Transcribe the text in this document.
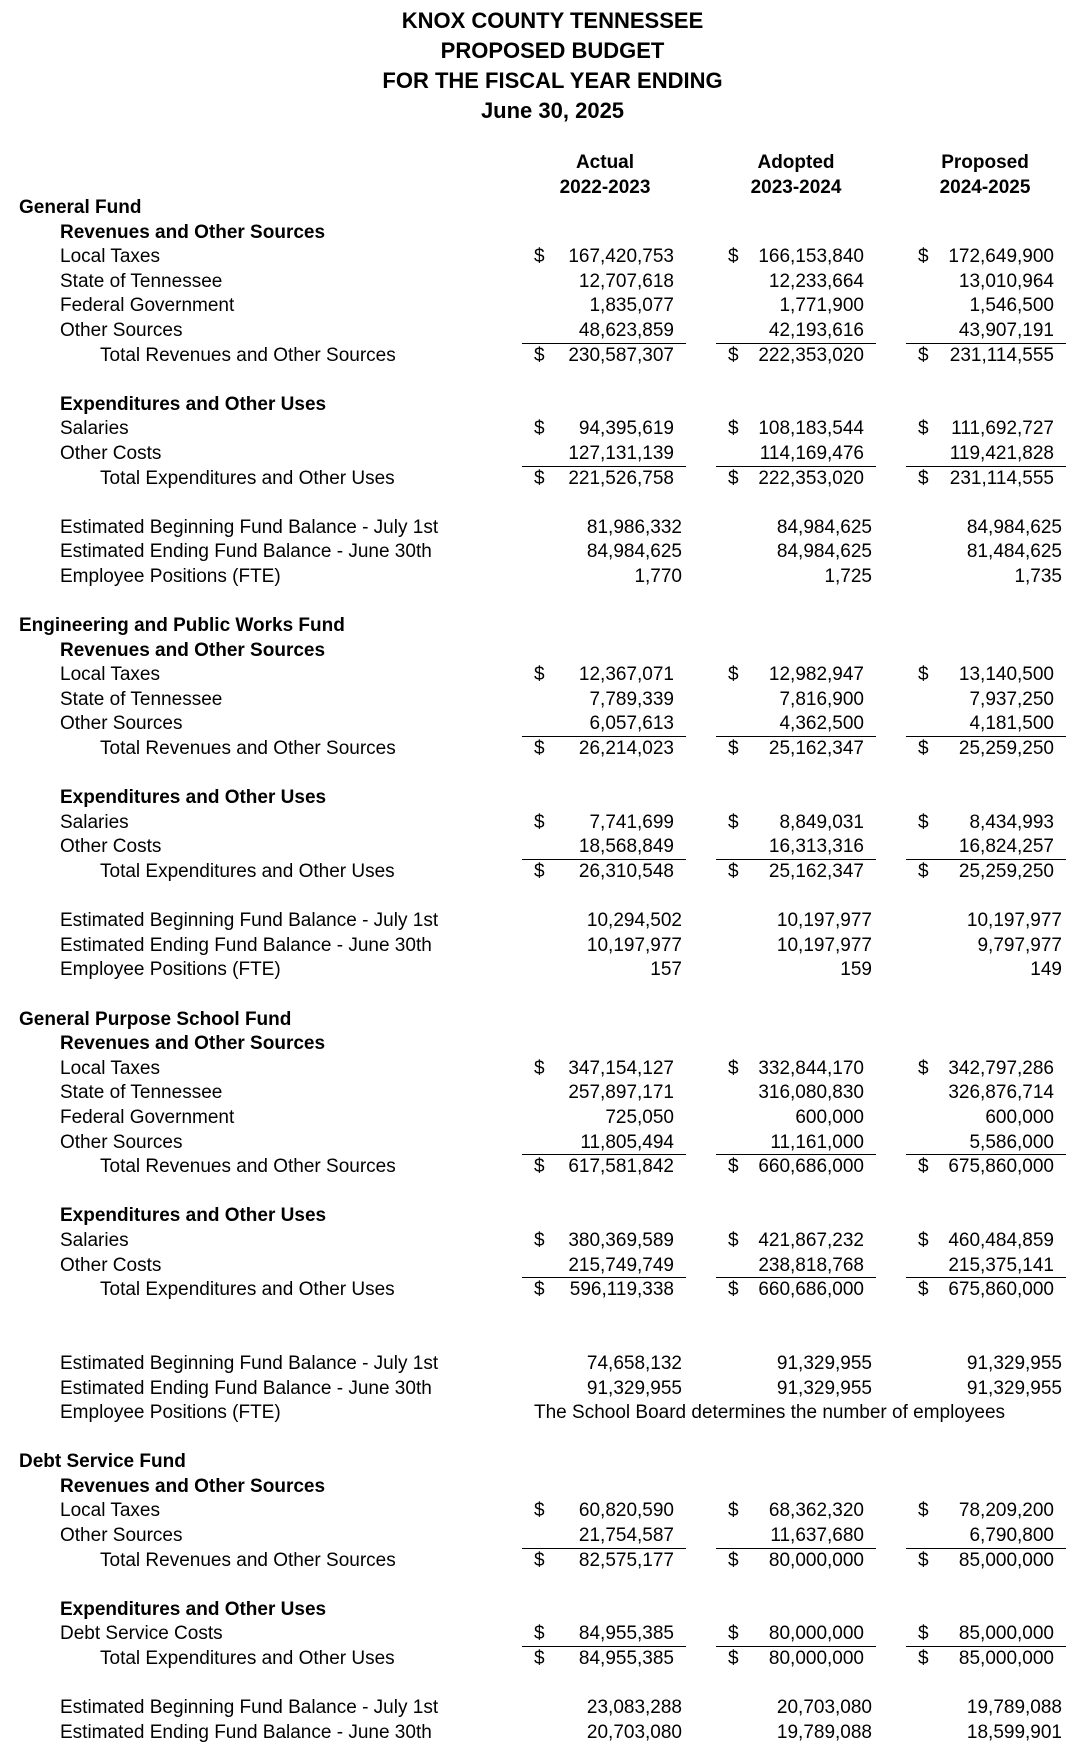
KNOX COUNTY TENNESSEE
PROPOSED BUDGET
FOR THE FISCAL YEAR ENDING
June 30, 2025
Actual
2022-2023
Adopted
2023-2024
Proposed
2024-2025
General Fund
Revenues and Other Sources
Local Taxes	$ 167,420,753	$ 166,153,840	$ 172,649,900
State of Tennessee	12,707,618	12,233,664	13,010,964
Federal Government	1,835,077	1,771,900	1,546,500
Other Sources	48,623,859	42,193,616	43,907,191
Total Revenues and Other Sources	$ 230,587,307	$ 222,353,020	$ 231,114,555
Expenditures and Other Uses
Salaries	$ 94,395,619	$ 108,183,544	$ 111,692,727
Other Costs	127,131,139	114,169,476	119,421,828
Total Expenditures and Other Uses	$ 221,526,758	$ 222,353,020	$ 231,114,555
Estimated Beginning Fund Balance - July 1st	81,986,332	84,984,625	84,984,625
Estimated Ending Fund Balance - June 30th	84,984,625	84,984,625	81,484,625
Employee Positions (FTE)	1,770	1,725	1,735
Engineering and Public Works Fund
Revenues and Other Sources
Local Taxes	$ 12,367,071	$ 12,982,947	$ 13,140,500
State of Tennessee	7,789,339	7,816,900	7,937,250
Other Sources	6,057,613	4,362,500	4,181,500
Total Revenues and Other Sources	$ 26,214,023	$ 25,162,347	$ 25,259,250
Expenditures and Other Uses
Salaries	$ 7,741,699	$ 8,849,031	$ 8,434,993
Other Costs	18,568,849	16,313,316	16,824,257
Total Expenditures and Other Uses	$ 26,310,548	$ 25,162,347	$ 25,259,250
Estimated Beginning Fund Balance - July 1st	10,294,502	10,197,977	10,197,977
Estimated Ending Fund Balance - June 30th	10,197,977	10,197,977	9,797,977
Employee Positions (FTE)	157	159	149
General Purpose School Fund
Revenues and Other Sources
Local Taxes	$ 347,154,127	$ 332,844,170	$ 342,797,286
State of Tennessee	257,897,171	316,080,830	326,876,714
Federal Government	725,050	600,000	600,000
Other Sources	11,805,494	11,161,000	5,586,000
Total Revenues and Other Sources	$ 617,581,842	$ 660,686,000	$ 675,860,000
Expenditures and Other Uses
Salaries	$ 380,369,589	$ 421,867,232	$ 460,484,859
Other Costs	215,749,749	238,818,768	215,375,141
Total Expenditures and Other Uses	$ 596,119,338	$ 660,686,000	$ 675,860,000
Estimated Beginning Fund Balance - July 1st	74,658,132	91,329,955	91,329,955
Estimated Ending Fund Balance - June 30th	91,329,955	91,329,955	91,329,955
Employee Positions (FTE)	The School Board determines the number of employees
Debt Service Fund
Revenues and Other Sources
Local Taxes	$ 60,820,590	$ 68,362,320	$ 78,209,200
Other Sources	21,754,587	11,637,680	6,790,800
Total Revenues and Other Sources	$ 82,575,177	$ 80,000,000	$ 85,000,000
Expenditures and Other Uses
Debt Service Costs	$ 84,955,385	$ 80,000,000	$ 85,000,000
Total Expenditures and Other Uses	$ 84,955,385	$ 80,000,000	$ 85,000,000
Estimated Beginning Fund Balance - July 1st	23,083,288	20,703,080	19,789,088
Estimated Ending Fund Balance - June 30th	20,703,080	19,789,088	18,599,901
